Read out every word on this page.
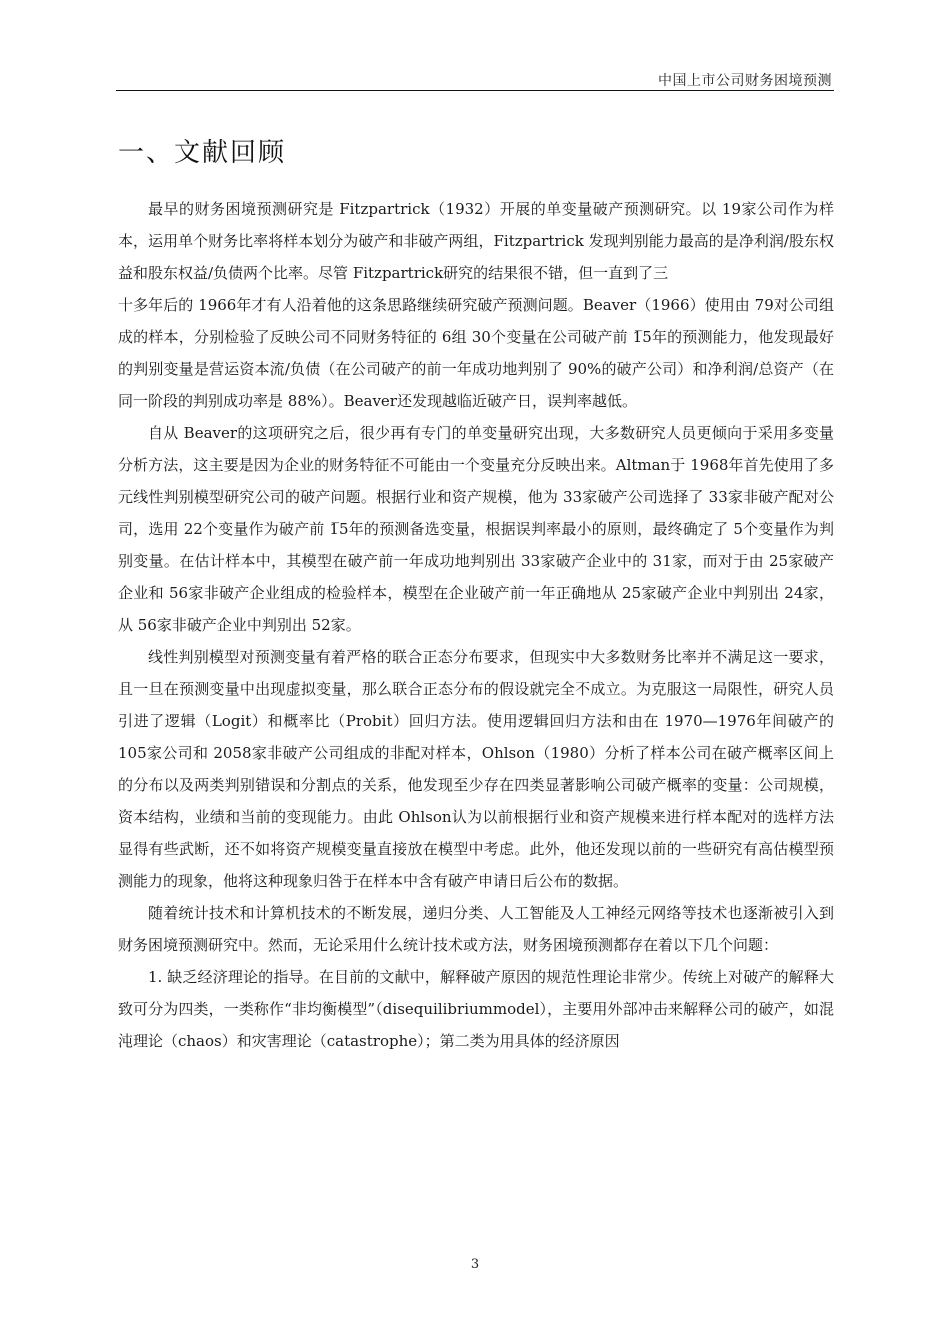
中国上市公司财务困境预测
一、文献回顾

最早的财务困境预测研究是 Fitzpartrick（1932）开展的单变量破产预测研究。以 19家公司作为样本，运用单个财务比率将样本划分为破产和非破产两组，Fitzpartrick 发现判别能力最高的是净利润/股东权益和股东权益/负债两个比率。尽管 Fitzpartrick研究的结果很不错，但一直到了三

十多年后的 1966年才有人沿着他的这条思路继续研究破产预测问题。Beaver（1966）使用由 79对公司组成的样本，分别检验了反映公司不同财务特征的 6组 30个变量在公司破产前 1̅5年的预测能力，他发现最好的判别变量是营运资本流/负债（在公司破产的前一年成功地判别了 90%的破产公司）和净利润/总资产（在同一阶段的判别成功率是 88%）。Beaver还发现越临近破产日，误判率越低。

自从 Beaver的这项研究之后，很少再有专门的单变量研究出现，大多数研究人员更倾向于采用多变量分析方法，这主要是因为企业的财务特征不可能由一个变量充分反映出来。Altman于 1968年首先使用了多元线性判别模型研究公司的破产问题。根据行业和资产规模，他为 33家破产公司选择了 33家非破产配对公司，选用 22个变量作为破产前 1̅5年的预测备选变量，根据误判率最小的原则，最终确定了 5个变量作为判别变量。在估计样本中，其模型在破产前一年成功地判别出 33家破产企业中的 31家，而对于由 25家破产企业和 56家非破产企业组成的检验样本，模型在企业破产前一年正确地从 25家破产企业中判别出 24家，从 56家非破产企业中判别出 52家。

线性判别模型对预测变量有着严格的联合正态分布要求，但现实中大多数财务比率并不满足这一要求，且一旦在预测变量中出现虚拟变量，那么联合正态分布的假设就完全不成立。为克服这一局限性，研究人员引进了逻辑（Logit）和概率比（Probit）回归方法。使用逻辑回归方法和由在 1970—1976年间破产的 105家公司和 2058家非破产公司组成的非配对样本，Ohlson（1980）分析了样本公司在破产概率区间上的分布以及两类判别错误和分割点的关系，他发现至少存在四类显著影响公司破产概率的变量：公司规模，资本结构，业绩和当前的变现能力。由此 Ohlson认为以前根据行业和资产规模来进行样本配对的选样方法显得有些武断，还不如将资产规模变量直接放在模型中考虑。此外，他还发现以前的一些研究有高估模型预测能力的现象，他将这种现象归咎于在样本中含有破产申请日后公布的数据。

随着统计技术和计算机技术的不断发展，递归分类、人工智能及人工神经元网络等技术也逐渐被引入到财务困境预测研究中。然而，无论采用什么统计技术或方法，财务困境预测都存在着以下几个问题：

1. 缺乏经济理论的指导。在目前的文献中，解释破产原因的规范性理论非常少。传统上对破产的解释大致可分为四类，一类称作“非均衡模型”（disequilibriummodel），主要用外部冲击来解释公司的破产，如混沌理论（chaos）和灾害理论（catastrophe）；第二类为用具体的经济原因

3
